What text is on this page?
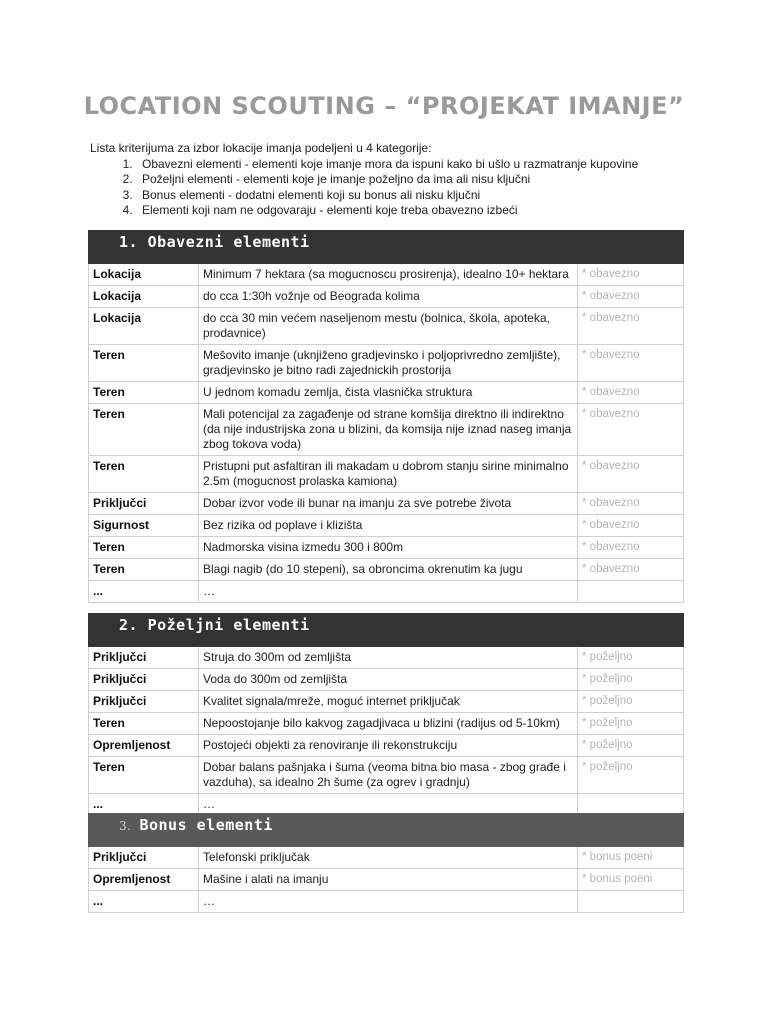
LOCATION SCOUTING – “PROJEKAT IMANJE”
Lista kriterijuma za izbor lokacije imanja podeljeni u 4 kategorije:
1. Obavezni elementi - elementi koje imanje mora da ispuni kako bi ušlo u razmatranje kupovine
2. Poželjni elementi - elementi koje je imanje poželjno da ima ali nisu ključni
3. Bonus elementi - dodatni elementi koji su bonus ali nisku ključni
4. Elementi koji nam ne odgovaraju - elementi koje treba obavezno izbeći
1. Obavezni elementi		
Lokacija	Minimum 7 hektara (sa mogucnoscu prosirenja), idealno 10+ hektara	* obavezno
Lokacija	do cca 1:30h vožnje od Beograda kolima	* obavezno
Lokacija	do cca 30 min većem naseljenom mestu (bolnica, škola, apoteka, prodavnice)	* obavezno
Teren	Mešovito imanje (uknjiženo gradjevinsko i poljoprivredno zemljište), gradjevinsko je bitno radi zajednickih prostorija	* obavezno
Teren	U jednom komadu zemlja, čista vlasnička struktura	* obavezno
Teren	Mali potencijal za zagađenje od strane komšija direktno ili indirektno (da nije industrijska zona u blizini, da komsija nije iznad naseg imanja zbog tokova voda)	* obavezno
Teren	Pristupni put asfaltiran ili makadam u dobrom stanju sirine minimalno 2.5m (mogucnost prolaska kamiona)	* obavezno
Priključci	Dobar izvor vode ili bunar na imanju za sve potrebe života	* obavezno
Sigurnost	Bez rizika od poplave i klizišta	* obavezno
Teren	Nadmorska visina izmedu 300 i 800m	* obavezno
Teren	Blagi nagib (do 10 stepeni), sa obroncima okrenutim ka jugu	* obavezno
...	…	
2. Poželjni elementi		
Priključci	Struja do 300m od zemljišta	* poželjno
Priključci	Voda do 300m od zemljišta	* poželjno
Priključci	Kvalitet signala/mreže, moguć internet priključak	* poželjno
Teren	Nepoostojanje bilo kakvog zagadjivaca u blizini (radijus od 5-10km)	* poželjno
Opremljenost	Postojeći objekti za renoviranje ili rekonstrukciju	* poželjno
Teren	Dobar balans pašnjaka i šuma (veoma bitna bio masa - zbog građe i vazduha), sa idealno 2h šume (za ogrev i gradnju)	* poželjno
...	…	
3. Bonus elementi		
Priključci	Telefonski priključak	* bonus poeni
Opremljenost	Mašine i alati na imanju	* bonus poeni
...	…	
